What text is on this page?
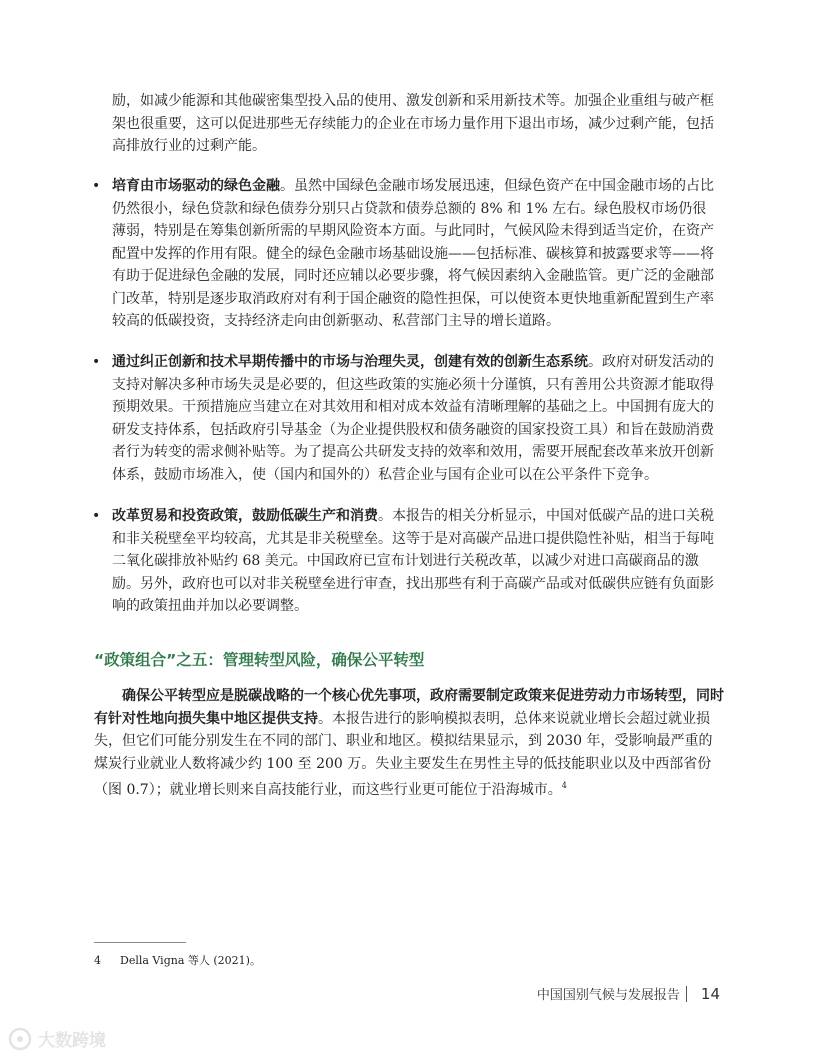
励，如减少能源和其他碳密集型投入品的使用、激发创新和采用新技术等。加强企业重组与破产框架也很重要，这可以促进那些无存续能力的企业在市场力量作用下退出市场，减少过剩产能，包括高排放行业的过剩产能。

• 培育由市场驱动的绿色金融。虽然中国绿色金融市场发展迅速，但绿色资产在中国金融市场的占比仍然很小，绿色贷款和绿色债券分别只占贷款和债券总额的 8% 和 1% 左右。绿色股权市场仍很薄弱，特别是在筹集创新所需的早期风险资本方面。与此同时，气候风险未得到适当定价，在资产配置中发挥的作用有限。健全的绿色金融市场基础设施——包括标准、碳核算和披露要求等——将有助于促进绿色金融的发展，同时还应辅以必要步骤，将气候因素纳入金融监管。更广泛的金融部门改革，特别是逐步取消政府对有利于国企融资的隐性担保，可以使资本更快地重新配置到生产率较高的低碳投资，支持经济走向由创新驱动、私营部门主导的增长道路。
• 通过纠正创新和技术早期传播中的市场与治理失灵，创建有效的创新生态系统。政府对研发活动的支持对解决多种市场失灵是必要的，但这些政策的实施必须十分谨慎，只有善用公共资源才能取得预期效果。干预措施应当建立在对其效用和相对成本效益有清晰理解的基础之上。中国拥有庞大的研发支持体系，包括政府引导基金（为企业提供股权和债务融资的国家投资工具）和旨在鼓励消费者行为转变的需求侧补贴等。为了提高公共研发支持的效率和效用，需要开展配套改革来放开创新体系，鼓励市场准入，使（国内和国外的）私营企业与国有企业可以在公平条件下竞争。
• 改革贸易和投资政策，鼓励低碳生产和消费。本报告的相关分析显示，中国对低碳产品的进口关税和非关税壁垒平均较高，尤其是非关税壁垒。这等于是对高碳产品进口提供隐性补贴，相当于每吨二氧化碳排放补贴约 68 美元。中国政府已宣布计划进行关税改革，以减少对进口高碳商品的激励。另外，政府也可以对非关税壁垒进行审查，找出那些有利于高碳产品或对低碳供应链有负面影响的政策扭曲并加以必要调整。
“政策组合”之五：管理转型风险，确保公平转型

确保公平转型应是脱碳战略的一个核心优先事项，政府需要制定政策来促进劳动力市场转型，同时有针对性地向损失集中地区提供支持。本报告进行的影响模拟表明，总体来说就业增长会超过就业损失，但它们可能分别发生在不同的部门、职业和地区。模拟结果显示，到 2030 年，受影响最严重的煤炭行业就业人数将减少约 100 至 200 万。失业主要发生在男性主导的低技能职业以及中西部省份（图 0.7）；就业增长则来自高技能行业，而这些行业更可能位于沿海城市。$^4$

4 Della Vigna 等人 (2021)。
中国国别气候与发展报告 14
大数跨境
